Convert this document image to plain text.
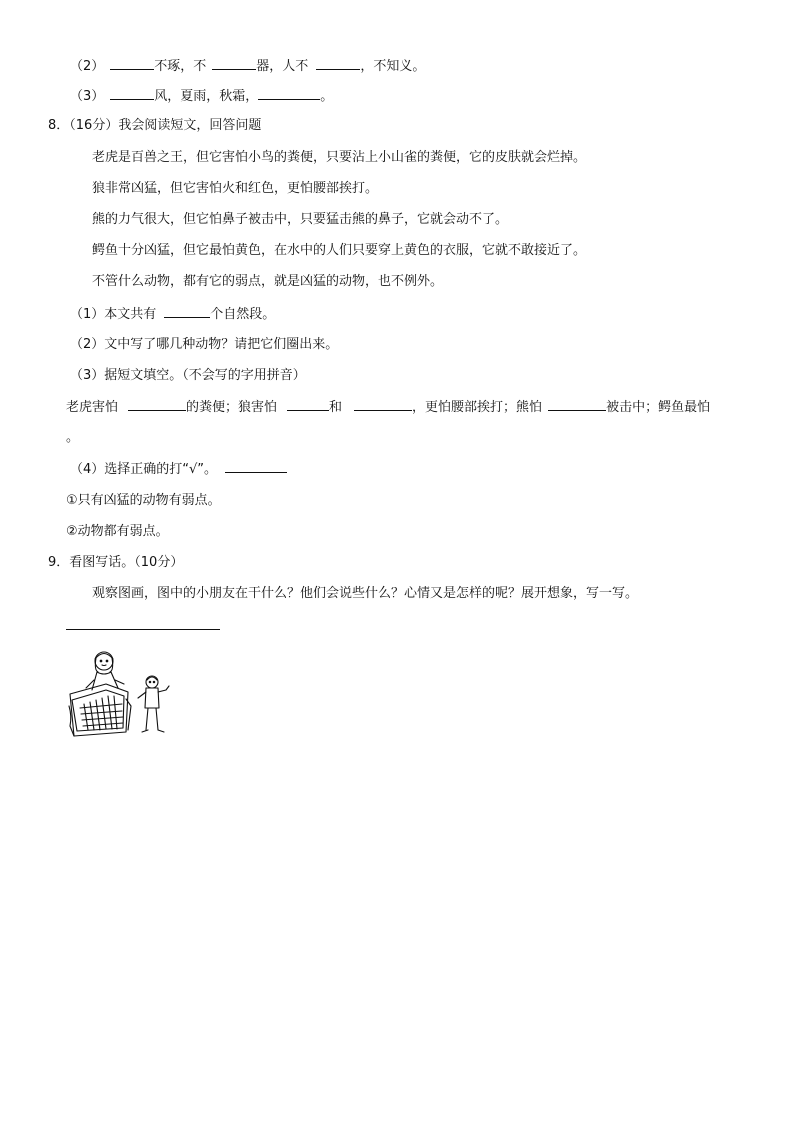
（2）	不琢，不	器，人不	，不知义。
（3）	风，夏雨，秋霜，	。
8．（16分）我会阅读短文，回答问题
老虎是百兽之王，但它害怕小鸟的粪便，只要沾上小山雀的粪便，它的皮肤就会烂掉。
狼非常凶猛，但它害怕火和红色，更怕腰部挨打。
熊的力气很大，但它怕鼻子被击中，只要猛击熊的鼻子，它就会动不了。
鳄鱼十分凶猛，但它最怕黄色，在水中的人们只要穿上黄色的衣服，它就不敢接近了。
不管什么动物，都有它的弱点，就是凶猛的动物，也不例外。
（1）本文共有	个自然段。
（2）文中写了哪几种动物？请把它们圈出来。
（3）据短文填空。（不会写的字用拼音）
老虎害怕	的粪便；狼害怕	和	，更怕腰部挨打；熊怕	被击中；鳄鱼最怕
。
（4）选择正确的打“√”。
①只有凶猛的动物有弱点。
②动物都有弱点。
9．看图写话。（10分）
观察图画，图中的小朋友在干什么？他们会说些什么？心情又是怎样的呢？展开想象，写一写。
